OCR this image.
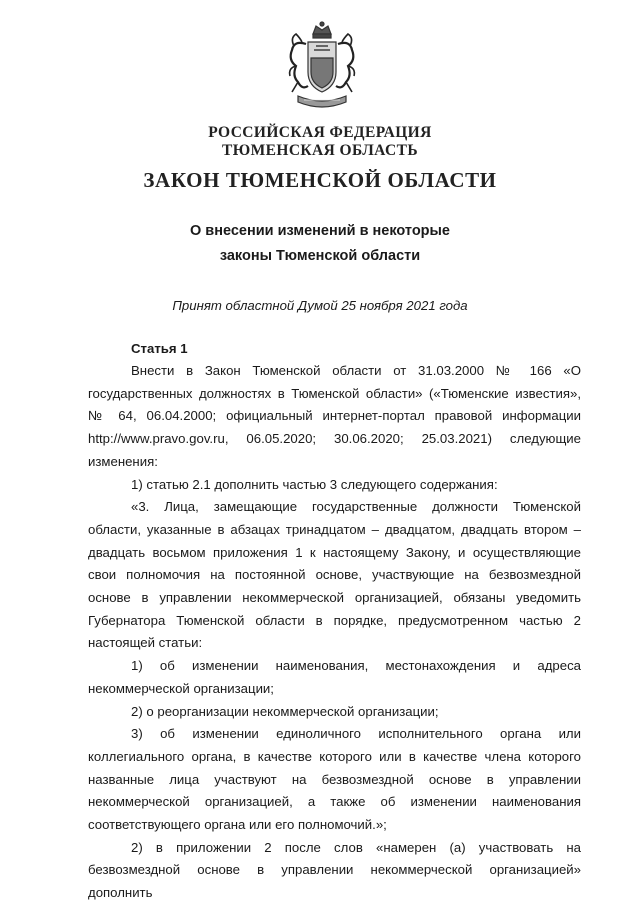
РОССИЙСКАЯ ФЕДЕРАЦИЯ
ТЮМЕНСКАЯ ОБЛАСТЬ
ЗАКОН ТЮМЕНСКОЙ ОБЛАСТИ
О внесении изменений в некоторые
законы Тюменской области
Принят областной Думой 25 ноября 2021 года
Статья 1

Внести в Закон Тюменской области от 31.03.2000 № 166 «О государственных должностях в Тюменской области» («Тюменские известия», № 64, 06.04.2000; официальный интернет-портал правовой информации http://www.pravo.gov.ru, 06.05.2020; 30.06.2020; 25.03.2021) следующие изменения:

1) статью 2.1 дополнить частью 3 следующего содержания:

«3. Лица, замещающие государственные должности Тюменской области, указанные в абзацах тринадцатом – двадцатом, двадцать втором – двадцать восьмом приложения 1 к настоящему Закону, и осуществляющие свои полномочия на постоянной основе, участвующие на безвозмездной основе в управлении некоммерческой организацией, обязаны уведомить Губернатора Тюменской области в порядке, предусмотренном частью 2 настоящей статьи:

1) об изменении наименования, местонахождения и адреса некоммерческой организации;

2) о реорганизации некоммерческой организации;

3) об изменении единоличного исполнительного органа или коллегиального органа, в качестве которого или в качестве члена которого названные лица участвуют на безвозмездной основе в управлении некоммерческой организацией, а также об изменении наименования соответствующего органа или его полномочий.»;

2) в приложении 2 после слов «намерен (а) участвовать на безвозмездной основе в управлении некоммерческой организацией» дополнить
